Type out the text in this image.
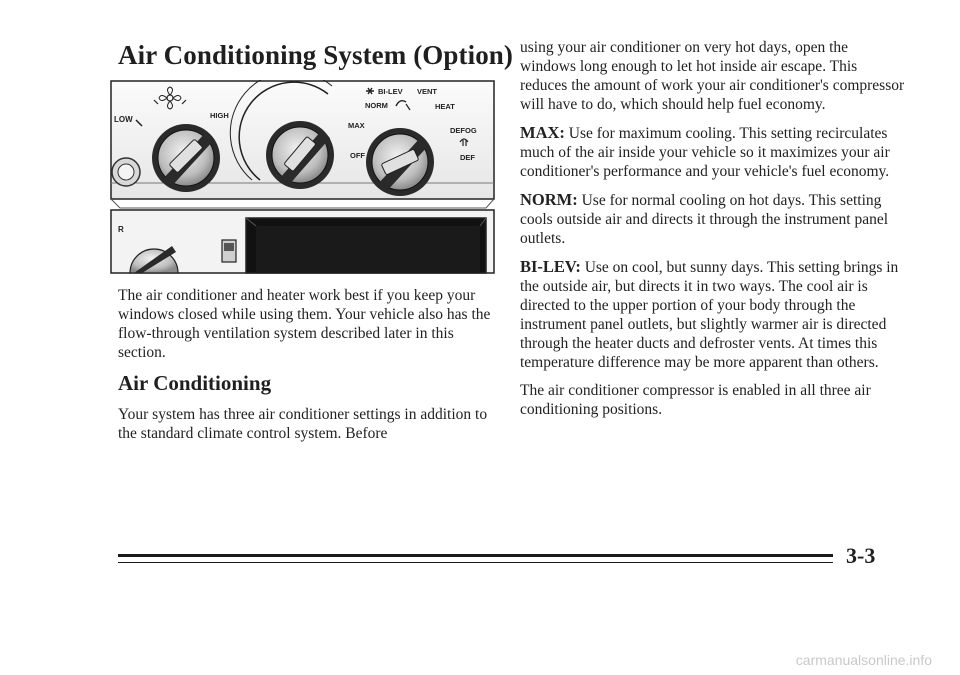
Air Conditioning System (Option)
LOW	HIGH
BI-LEV VENT
NORM	HEAT
MAX
DEFOG
OFF	DEF
R

The air conditioner and heater work best if you keep your windows closed while using them. Your vehicle also has the flow-through ventilation system described later in this section.

Air Conditioning

Your system has three air conditioner settings in addition to the standard climate control system. Before

using your air conditioner on very hot days, open the windows long enough to let hot inside air escape. This reduces the amount of work your air conditioner's compressor will have to do, which should help fuel economy.

MAX: Use for maximum cooling. This setting recirculates much of the air inside your vehicle so it maximizes your air conditioner's performance and your vehicle's fuel economy.

NORM: Use for normal cooling on hot days. This setting cools outside air and directs it through the instrument panel outlets.

BI-LEV: Use on cool, but sunny days. This setting brings in the outside air, but directs it in two ways. The cool air is directed to the upper portion of your body through the instrument panel outlets, but slightly warmer air is directed through the heater ducts and defroster vents. At times this temperature difference may be more apparent than others.

The air conditioner compressor is enabled in all three air conditioning positions.

3-3
carmanualsonline.info
